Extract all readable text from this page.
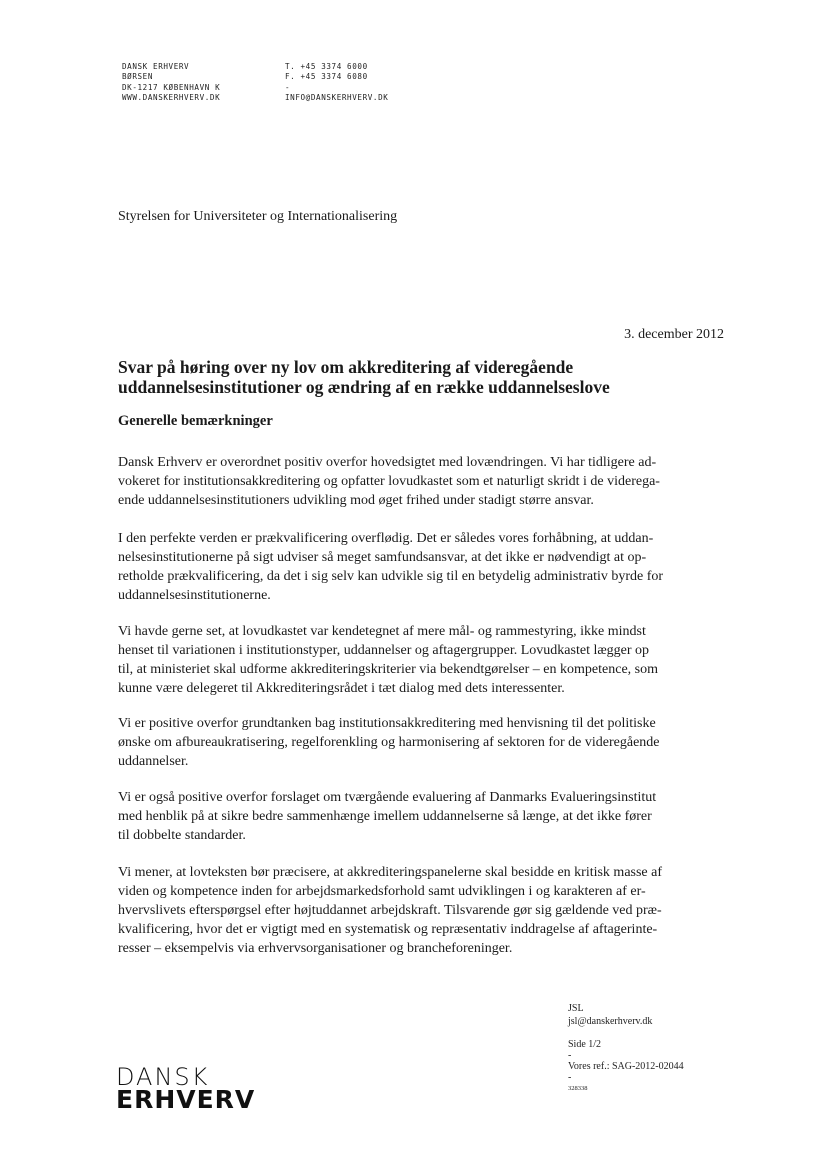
DANSK ERHVERV
BØRSEN
DK-1217 KØBENHAVN K
WWW.DANSKERHVERV.DK
T. +45 3374 6000
F. +45 3374 6080
-
INFO@DANSKERHVERV.DK
Styrelsen for Universiteter og Internationalisering
3. december 2012
Svar på høring over ny lov om akkreditering af videregående
uddannelsesinstitutioner og ændring af en række uddannelseslove
Generelle bemærkninger
Dansk Erhverv er overordnet positiv overfor hovedsigtet med lovændringen. Vi har tidligere ad-
vokeret for institutionsakkreditering og opfatter lovudkastet som et naturligt skridt i de viderega-
ende uddannelsesinstitutioners udvikling mod øget frihed under stadigt større ansvar.
I den perfekte verden er prækvalificering overflødig. Det er således vores forhåbning, at uddan-
nelsesinstitutionerne på sigt udviser så meget samfundsansvar, at det ikke er nødvendigt at op-
retholde prækvalificering, da det i sig selv kan udvikle sig til en betydelig administrativ byrde for
uddannelsesinstitutionerne.
Vi havde gerne set, at lovudkastet var kendetegnet af mere mål- og rammestyring, ikke mindst
henset til variationen i institutionstyper, uddannelser og aftagergrupper. Lovudkastet lægger op
til, at ministeriet skal udforme akkrediteringskriterier via bekendtgørelser – en kompetence, som
kunne være delegeret til Akkrediteringsrådet i tæt dialog med dets interessenter.
Vi er positive overfor grundtanken bag institutionsakkreditering med henvisning til det politiske
ønske om afbureaukratisering, regelforenkling og harmonisering af sektoren for de videregående
uddannelser.
Vi er også positive overfor forslaget om tværgående evaluering af Danmarks Evalueringsinstitut
med henblik på at sikre bedre sammenhænge imellem uddannelserne så længe, at det ikke fører
til dobbelte standarder.
Vi mener, at lovteksten bør præcisere, at akkrediteringspanelerne skal besidde en kritisk masse af
viden og kompetence inden for arbejdsmarkedsforhold samt udviklingen i og karakteren af er-
hvervslivets efterspørgsel efter højtuddannet arbejdskraft. Tilsvarende gør sig gældende ved præ-
kvalificering, hvor det er vigtigt med en systematisk og repræsentativ inddragelse af aftagerinte-
resser – eksempelvis via erhvervsorganisationer og brancheforeninger.
JSL
jsl@danskerhverv.dk
Side 1/2
-
Vores ref.: SAG-2012-02044
-
328338
DANSK
ERHVERV
